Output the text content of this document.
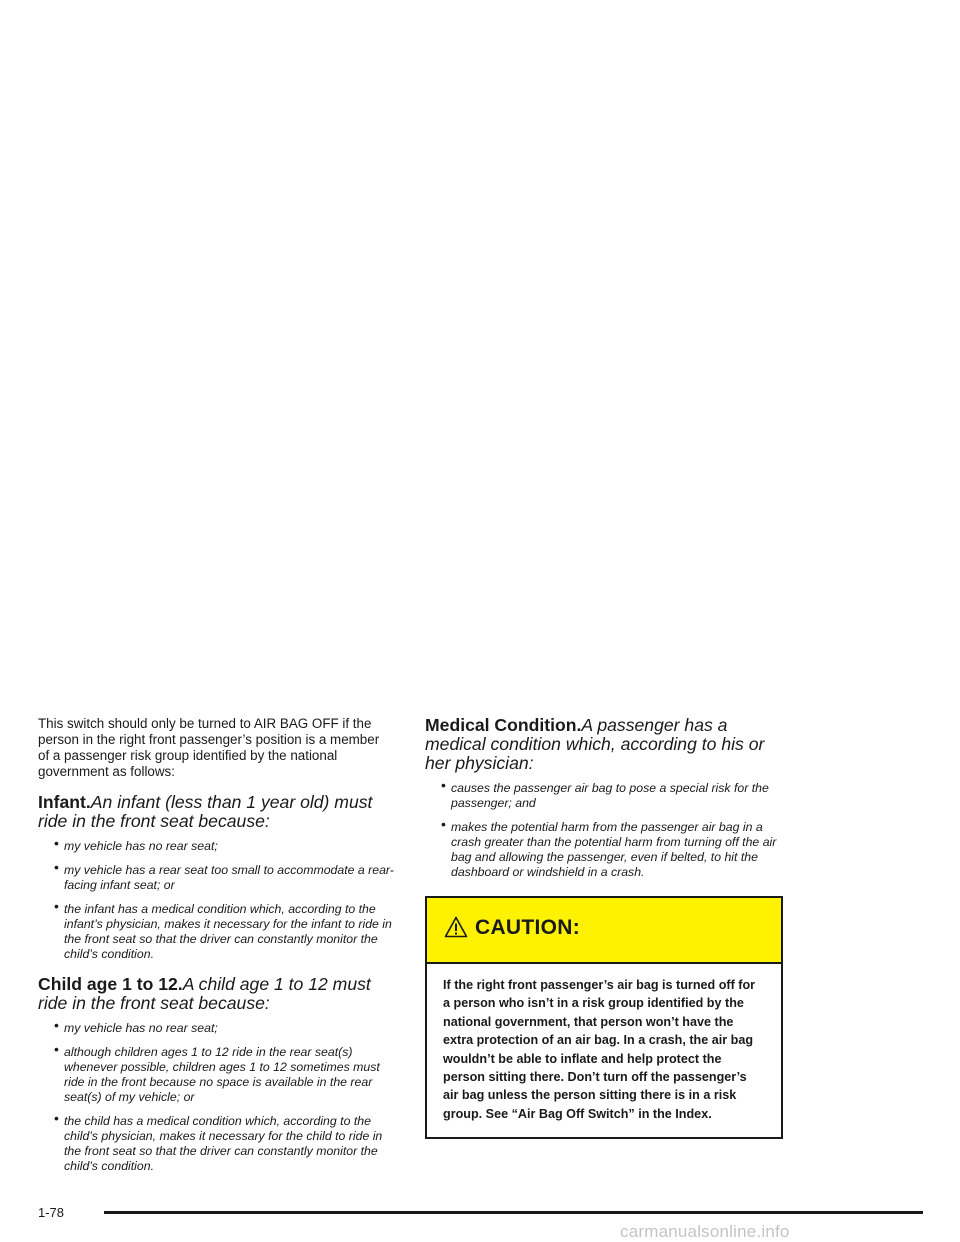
This switch should only be turned to AIR BAG OFF if the person in the right front passenger’s position is a member of a passenger risk group identified by the national government as follows:

Infant.An infant (less than 1 year old) must ride in the front seat because:
• my vehicle has no rear seat;
• my vehicle has a rear seat too small to accommodate a rear-facing infant seat; or
• the infant has a medical condition which, according to the infant’s physician, makes it necessary for the infant to ride in the front seat so that the driver can constantly monitor the child’s condition.
Child age 1 to 12.A child age 1 to 12 must ride in the front seat because:
• my vehicle has no rear seat;
• although children ages 1 to 12 ride in the rear seat(s) whenever possible, children ages 1 to 12 sometimes must ride in the front because no space is available in the rear seat(s) of my vehicle; or
• the child has a medical condition which, according to the child’s physician, makes it necessary for the child to ride in the front seat so that the driver can constantly monitor the child’s condition.
Medical Condition.A passenger has a medical condition which, according to his or her physician:
• causes the passenger air bag to pose a special risk for the passenger; and
• makes the potential harm from the passenger air bag in a crash greater than the potential harm from turning off the air bag and allowing the passenger, even if belted, to hit the dashboard or windshield in a crash.
CAUTION:
If the right front passenger’s air bag is turned off for a person who isn’t in a risk group identified by the national government, that person won’t have the extra protection of an air bag. In a crash, the air bag wouldn’t be able to inflate and help protect the person sitting there. Don’t turn off the passenger’s air bag unless the person sitting there is in a risk group. See “Air Bag Off Switch” in the Index.
1-78
carmanualsonline.info
